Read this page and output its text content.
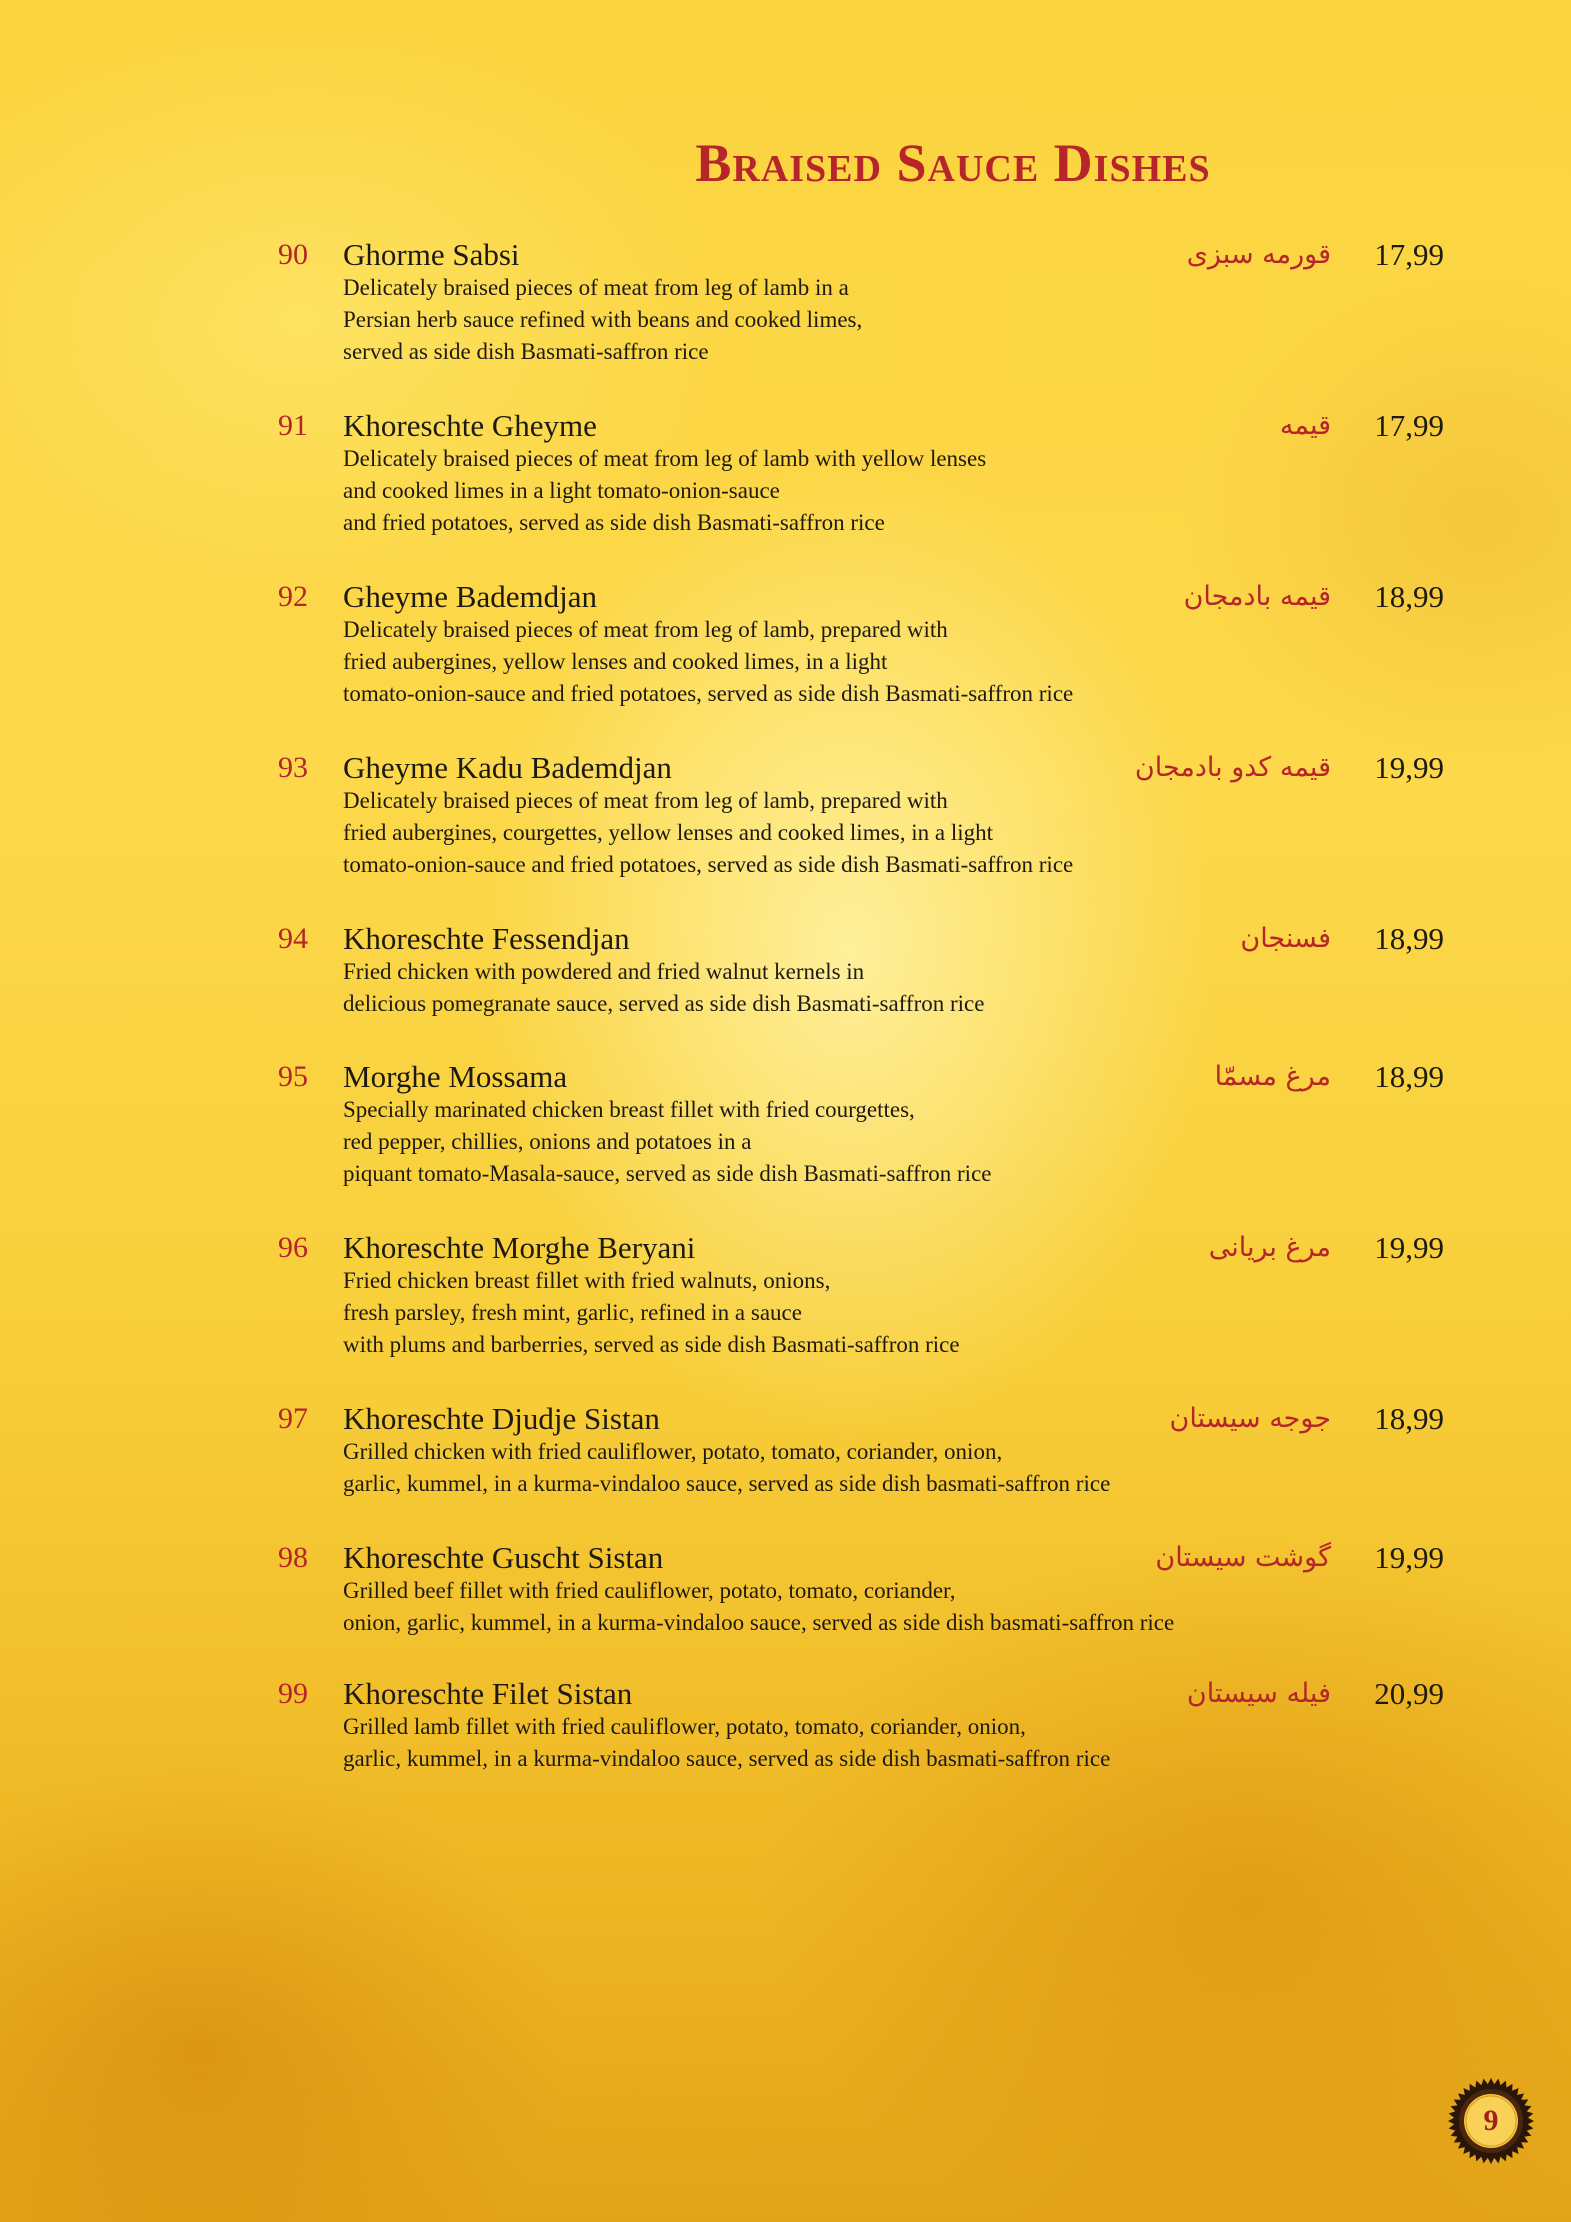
Braised Sauce Dishes
90	Ghorme Sabsi	قورمه سبزی 17,99
Delicately braised pieces of meat from leg of lamb in a
Persian herb sauce refined with beans and cooked limes,
served as side dish Basmati-saffron rice
91	Khoreschte Gheyme	قیمه 17,99
Delicately braised pieces of meat from leg of lamb with yellow lenses
and cooked limes in a light tomato-onion-sauce
and fried potatoes, served as side dish Basmati-saffron rice
92	Gheyme Bademdjan	قیمه بادمجان 18,99
Delicately braised pieces of meat from leg of lamb, prepared with
fried aubergines, yellow lenses and cooked limes, in a light
tomato-onion-sauce and fried potatoes, served as side dish Basmati-saffron rice
93	Gheyme Kadu Bademdjan	قیمه کدو بادمجان 19,99
Delicately braised pieces of meat from leg of lamb, prepared with
fried aubergines, courgettes, yellow lenses and cooked limes, in a light
tomato-onion-sauce and fried potatoes, served as side dish Basmati-saffron rice
94	Khoreschte Fessendjan	فسنجان 18,99
Fried chicken with powdered and fried walnut kernels in
delicious pomegranate sauce, served as side dish Basmati-saffron rice
95	Morghe Mossama	مرغ مسمّا 18,99
Specially marinated chicken breast fillet with fried courgettes,
red pepper, chillies, onions and potatoes in a
piquant tomato-Masala-sauce, served as side dish Basmati-saffron rice
96	Khoreschte Morghe Beryani	مرغ بریانی 19,99
Fried chicken breast fillet with fried walnuts, onions,
fresh parsley, fresh mint, garlic, refined in a sauce
with plums and barberries, served as side dish Basmati-saffron rice
97	Khoreschte Djudje Sistan	جوجه سیستان 18,99
Grilled chicken with fried cauliflower, potato, tomato, coriander, onion,
garlic, kummel, in a kurma-vindaloo sauce, served as side dish basmati-saffron rice
98	Khoreschte Guscht Sistan	گوشت سیستان 19,99
Grilled beef fillet with fried cauliflower, potato, tomato, coriander,
onion, garlic, kummel, in a kurma-vindaloo sauce, served as side dish basmati-saffron rice
99	Khoreschte Filet Sistan	فیله سیستان 20,99
Grilled lamb fillet with fried cauliflower, potato, tomato, coriander, onion,
garlic, kummel, in a kurma-vindaloo sauce, served as side dish basmati-saffron rice
9
